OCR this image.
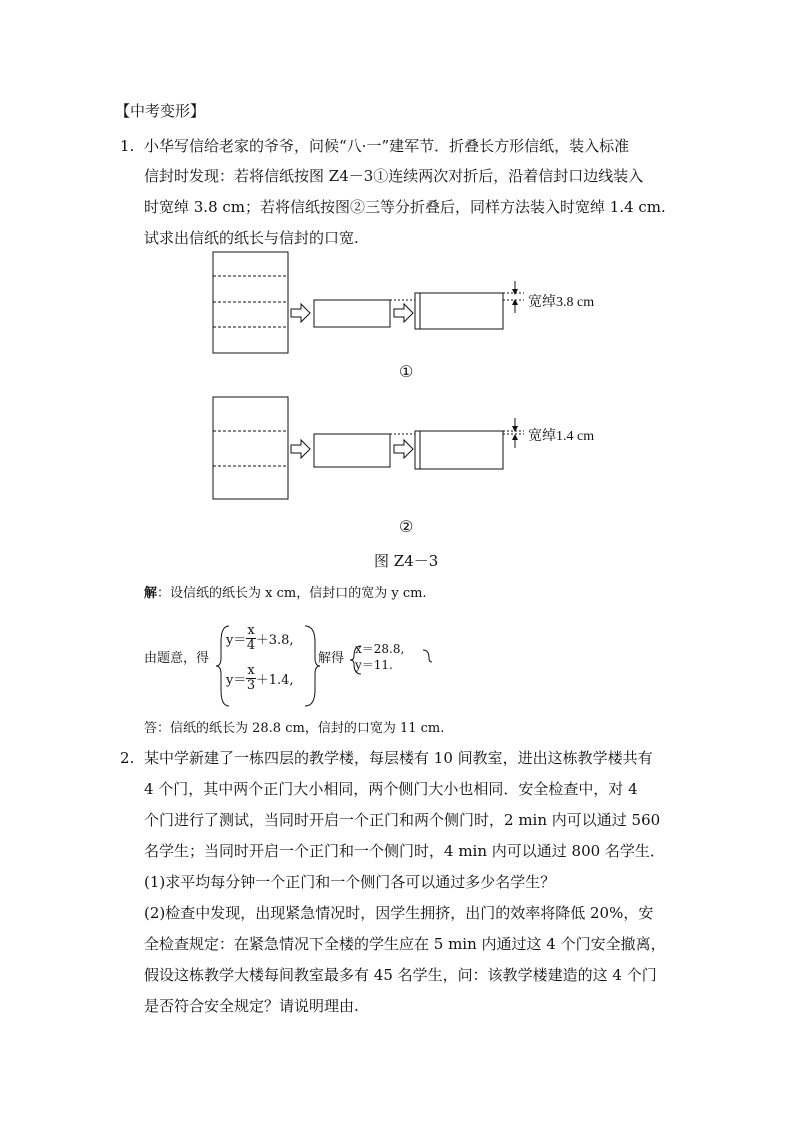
【中考变形】
1. 小华写信给老家的爷爷，问候“八·一”建军节．折叠长方形信纸，装入标准
信封时发现：若将信纸按图 Z4－3①连续两次对折后，沿着信封口边线装入
时宽绰 3.8 cm；若将信纸按图②三等分折叠后，同样方法装入时宽绰 1.4 cm.
试求出信纸的纸长与信封的口宽.
宽绰3.8 cm
宽绰1.4 cm
①
②
图 Z4－3
解：设信纸的纸长为 x cm，信封口的宽为 y cm.
由题意，得
$y= \frac{x}{4} +3.8$,
$y= \frac{x}{3} +1.4$,
解得
x＝28.8,
y＝11.
答：信纸的纸长为 28.8 cm，信封的口宽为 11 cm.
2. 某中学新建了一栋四层的教学楼，每层楼有 10 间教室，进出这栋教学楼共有
4 个门，其中两个正门大小相同，两个侧门大小也相同．安全检查中，对 4
个门进行了测试，当同时开启一个正门和两个侧门时，2 min 内可以通过 560
名学生；当同时开启一个正门和一个侧门时，4 min 内可以通过 800 名学生．
(1)求平均每分钟一个正门和一个侧门各可以通过多少名学生？
(2)检查中发现，出现紧急情况时，因学生拥挤，出门的效率将降低 20%，安
全检查规定：在紧急情况下全楼的学生应在 5 min 内通过这 4 个门安全撤离，
假设这栋教学大楼每间教室最多有 45 名学生，问：该教学楼建造的这 4 个门
是否符合安全规定？请说明理由.
